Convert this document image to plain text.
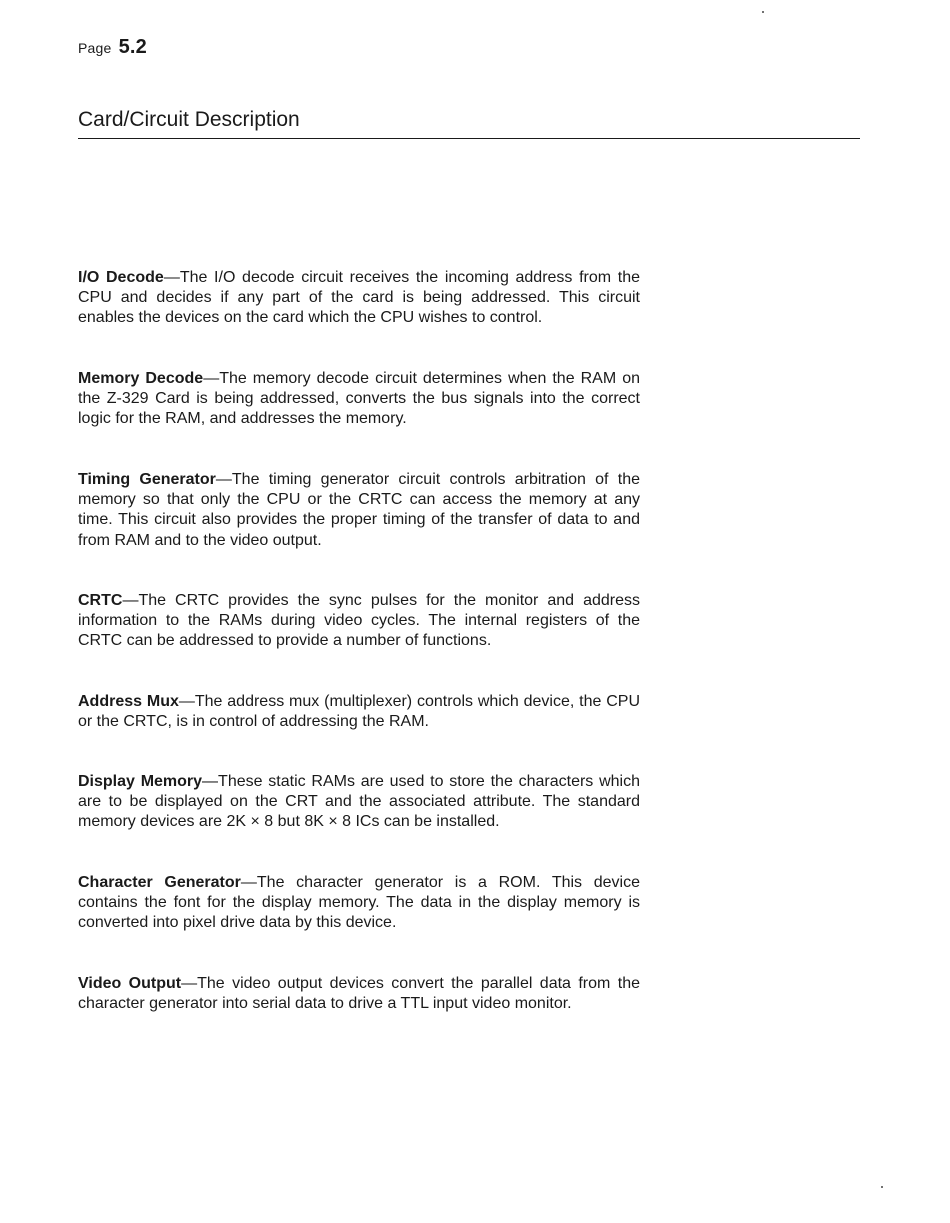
Page 5.2
Card/Circuit Description

I/O Decode—The I/O decode circuit receives the incoming address from the CPU and decides if any part of the card is being addressed. This circuit enables the devices on the card which the CPU wishes to control.

Memory Decode—The memory decode circuit determines when the RAM on the Z-329 Card is being addressed, converts the bus signals into the correct logic for the RAM, and addresses the memory.

Timing Generator—The timing generator circuit controls arbitration of the memory so that only the CPU or the CRTC can access the memory at any time. This circuit also provides the proper timing of the transfer of data to and from RAM and to the video output.

CRTC—The CRTC provides the sync pulses for the monitor and address information to the RAMs during video cycles. The internal registers of the CRTC can be addressed to provide a number of functions.

Address Mux—The address mux (multiplexer) controls which device, the CPU or the CRTC, is in control of addressing the RAM.

Display Memory—These static RAMs are used to store the characters which are to be displayed on the CRT and the associated attribute. The standard memory devices are 2K × 8 but 8K × 8 ICs can be installed.

Character Generator—The character generator is a ROM. This device contains the font for the display memory. The data in the display memory is converted into pixel drive data by this device.

Video Output—The video output devices convert the parallel data from the character generator into serial data to drive a TTL input video monitor.
